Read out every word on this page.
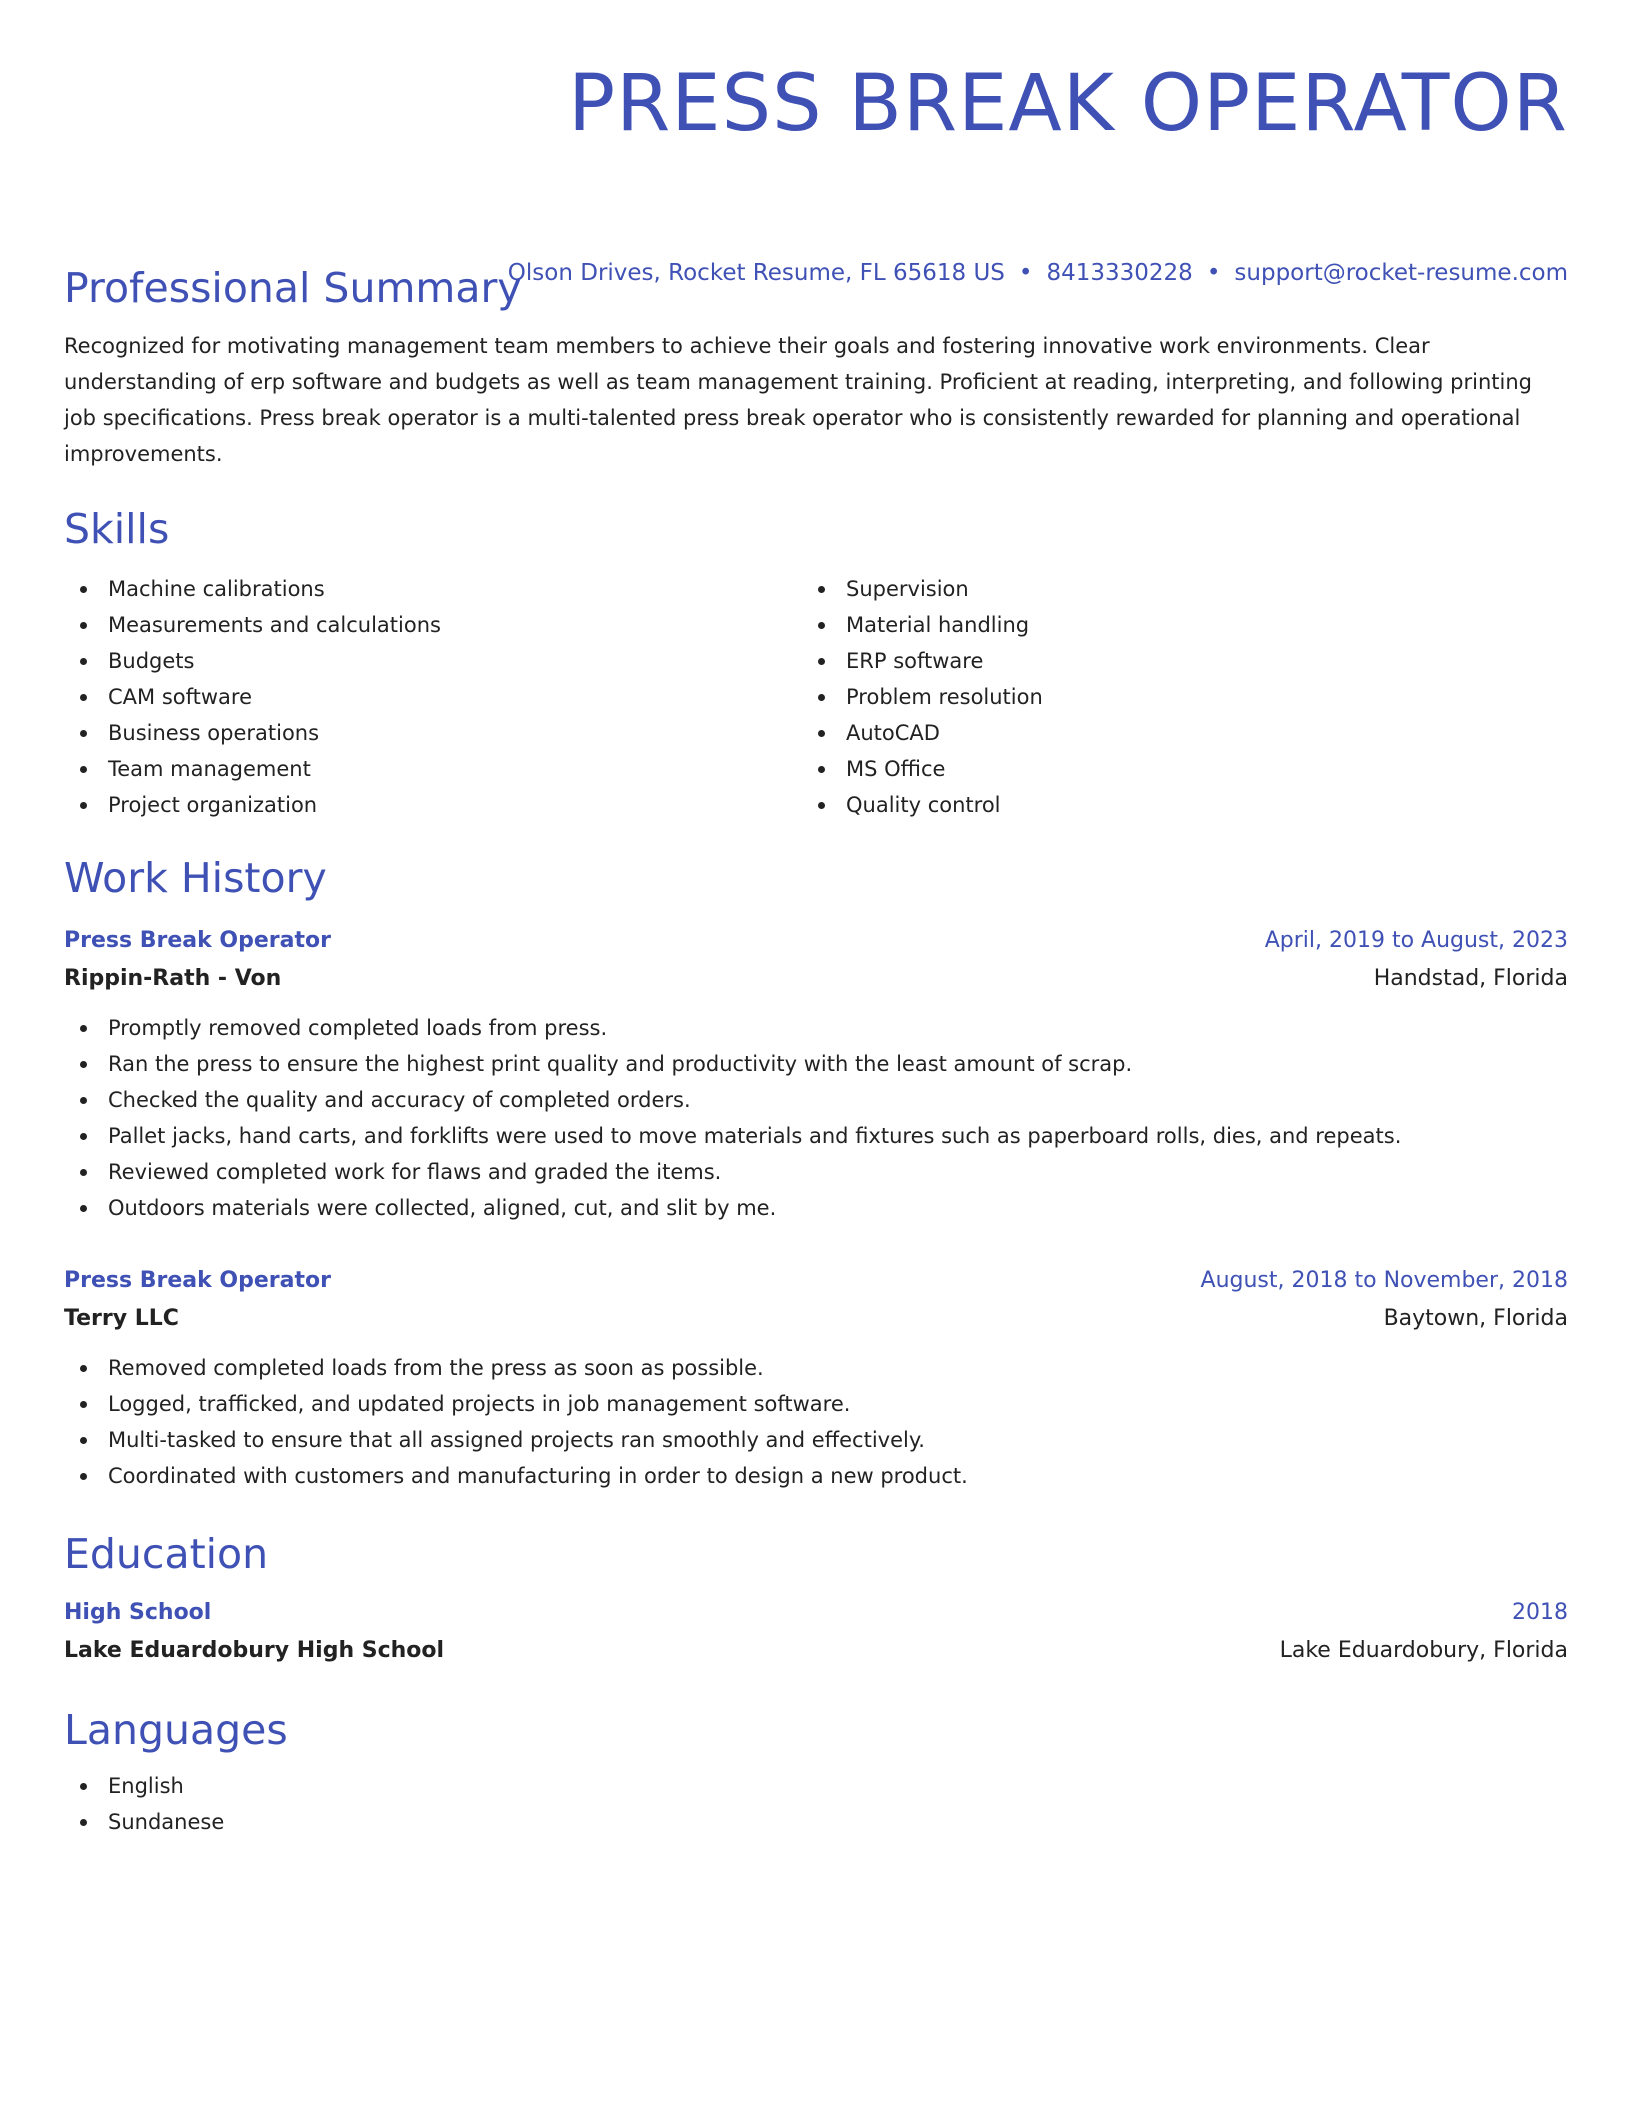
PRESS BREAK OPERATOR
Olson Drives, Rocket Resume, FL 65618 US • 8413330228 • support@rocket-resume.com
Professional Summary

Recognized for motivating management team members to achieve their goals and fostering innovative work environments. Clear understanding of erp software and budgets as well as team management training. Proficient at reading, interpreting, and following printing job specifications. Press break operator is a multi-talented press break operator who is consistently rewarded for planning and operational improvements.

Skills
Machine calibrations
Measurements and calculations
Budgets
CAM software
Business operations
Team management
Project organization
Supervision
Material handling
ERP software
Problem resolution
AutoCAD
MS Office
Quality control
Work History
Press Break Operator	April, 2019 to August, 2023
Rippin-Rath - Von	Handstad, Florida
Promptly removed completed loads from press.
Ran the press to ensure the highest print quality and productivity with the least amount of scrap.
Checked the quality and accuracy of completed orders.
Pallet jacks, hand carts, and forklifts were used to move materials and fixtures such as paperboard rolls, dies, and repeats.
Reviewed completed work for flaws and graded the items.
Outdoors materials were collected, aligned, cut, and slit by me.
Press Break Operator	August, 2018 to November, 2018
Terry LLC	Baytown, Florida
Removed completed loads from the press as soon as possible.
Logged, trafficked, and updated projects in job management software.
Multi-tasked to ensure that all assigned projects ran smoothly and effectively.
Coordinated with customers and manufacturing in order to design a new product.
Education
High School	2018
Lake Eduardobury High School	Lake Eduardobury, Florida
Languages
English
Sundanese
